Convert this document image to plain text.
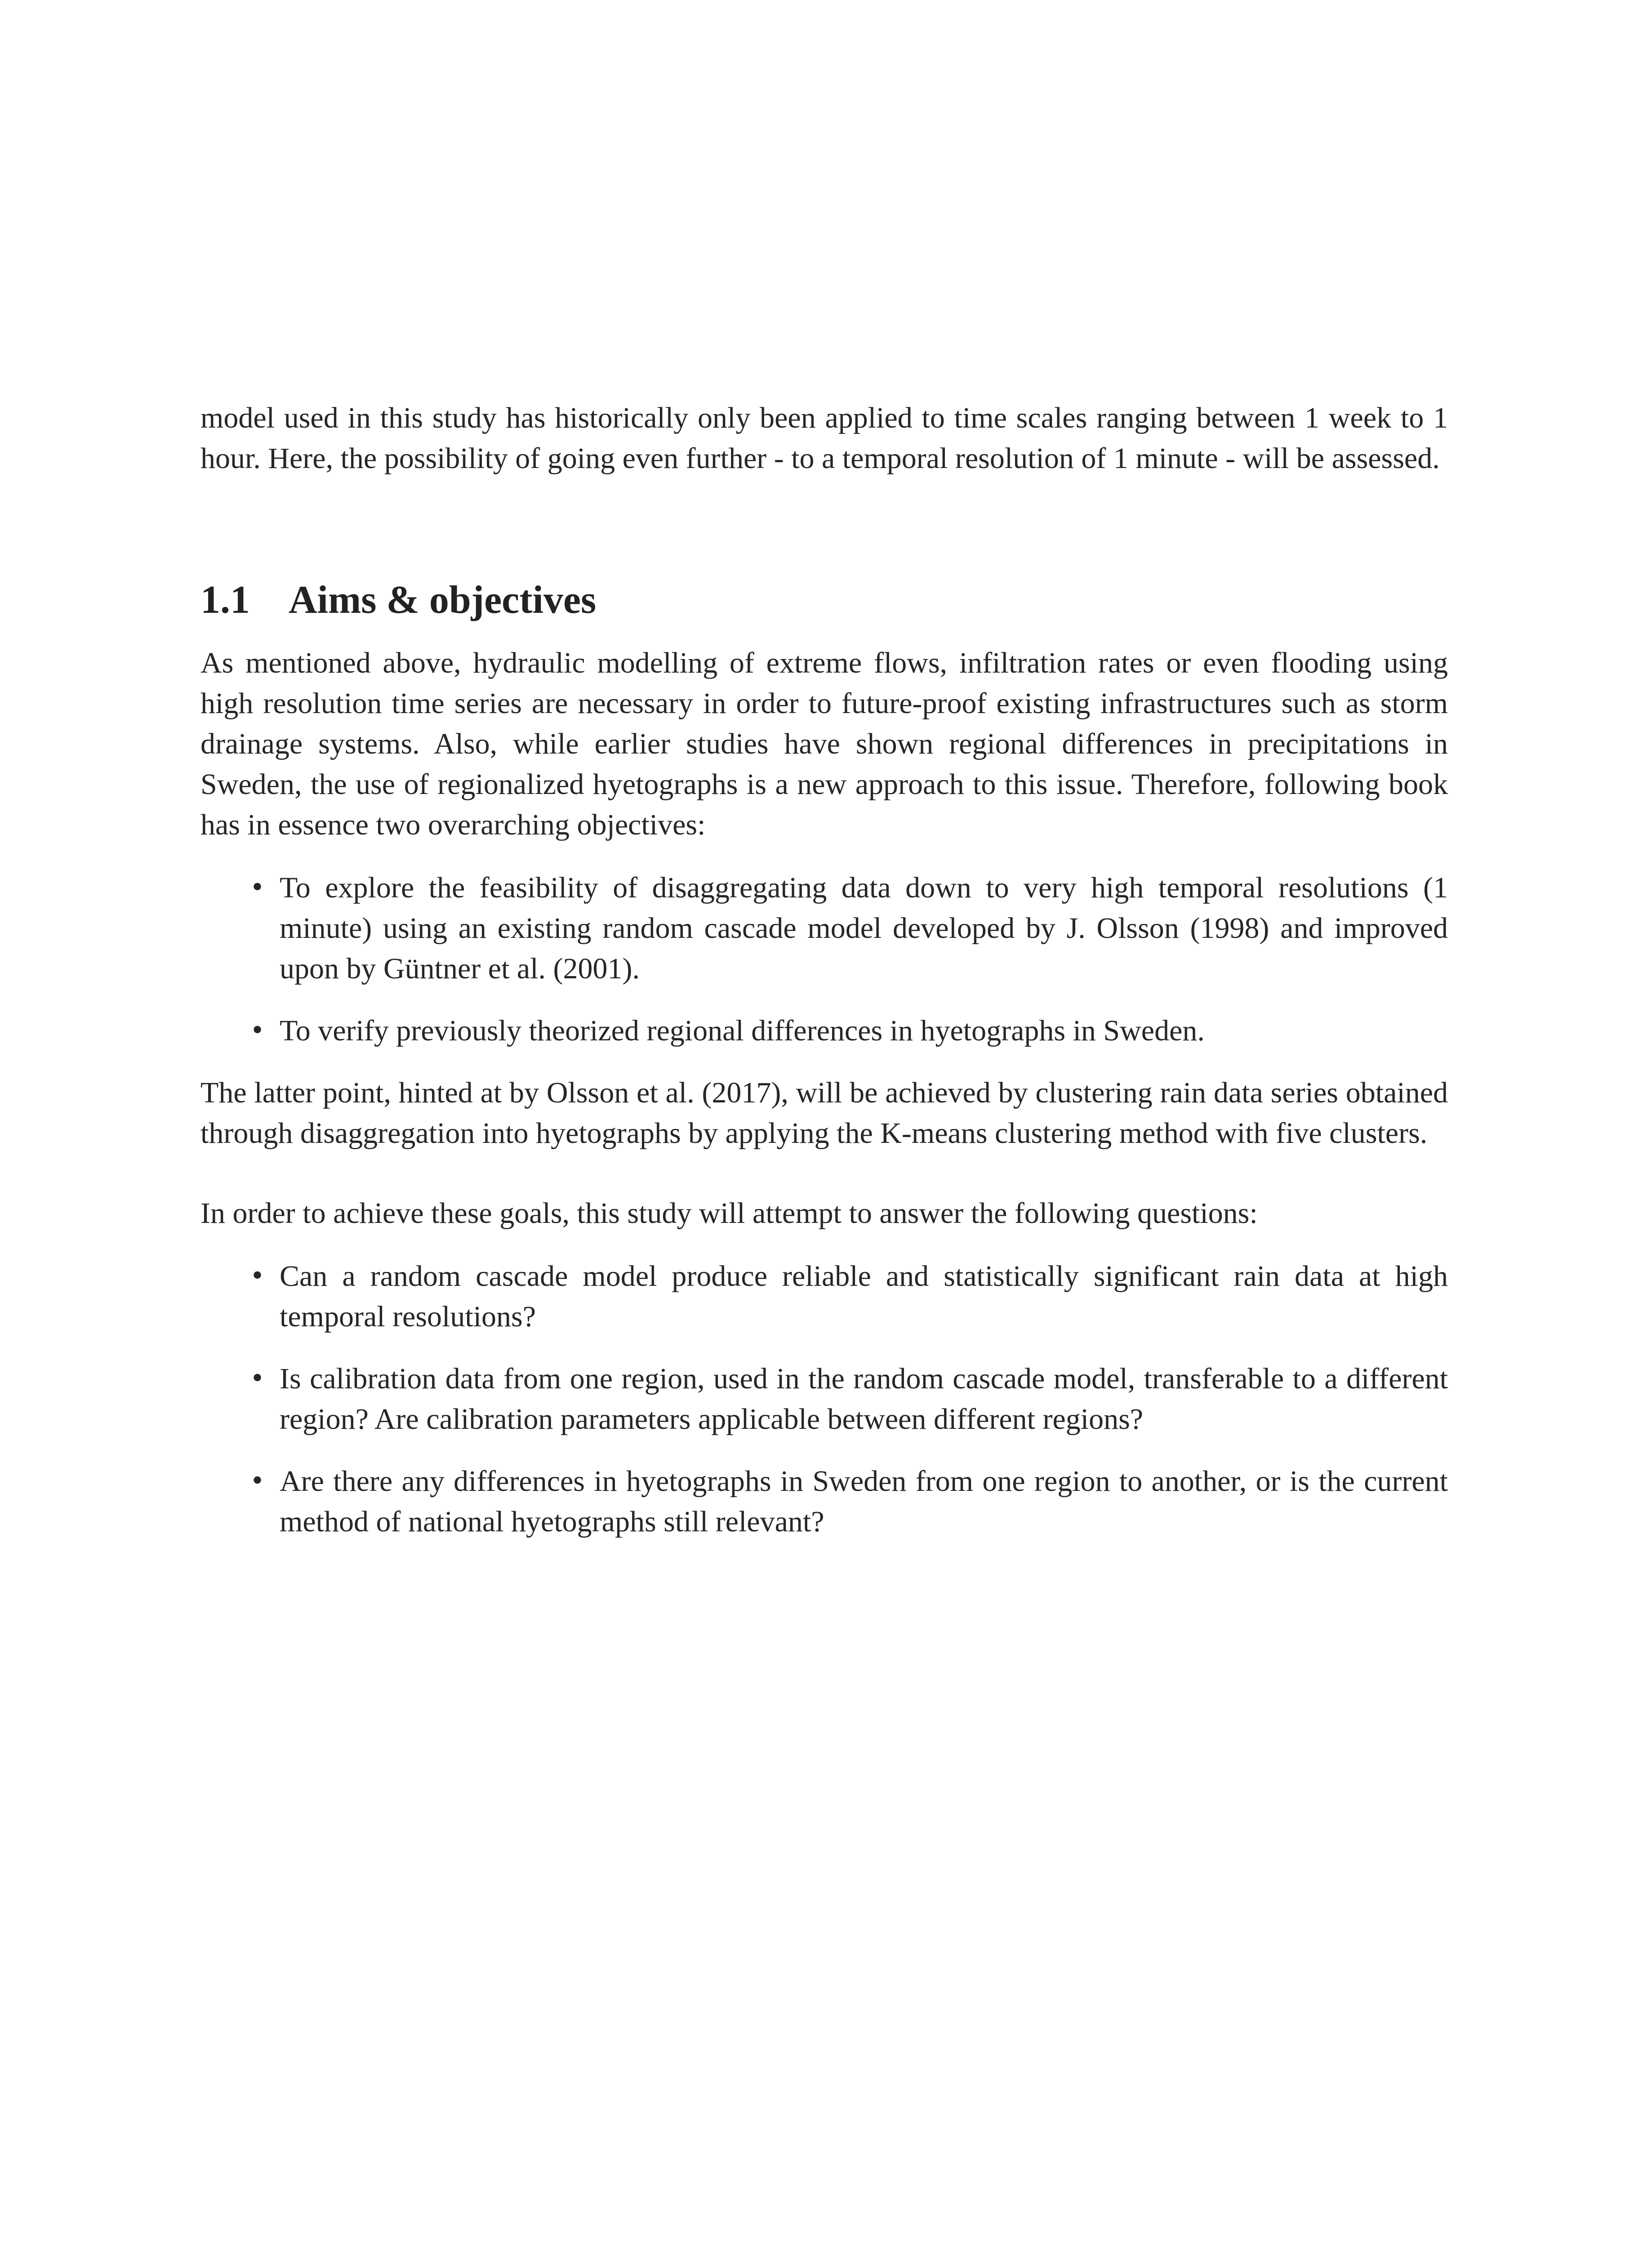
model used in this study has historically only been applied to time scales ranging between 1 week to 1 hour. Here, the possibility of going even further - to a temporal resolution of 1 minute - will be assessed.

1.1 Aims & objectives

As mentioned above, hydraulic modelling of extreme flows, infiltration rates or even flooding using high resolution time series are necessary in order to future-proof existing infrastructures such as storm drainage systems. Also, while earlier studies have shown regional differences in precipitations in Sweden, the use of regionalized hyetographs is a new approach to this issue. Therefore, following book has in essence two overarching objectives:

• To explore the feasibility of disaggregating data down to very high temporal resolutions (1 minute) using an existing random cascade model developed by J. Olsson (1998) and improved upon by Güntner et al. (2001).
• To verify previously theorized regional differences in hyetographs in Sweden.

The latter point, hinted at by Olsson et al. (2017), will be achieved by clustering rain data series obtained through disaggregation into hyetographs by applying the K-means clustering method with five clusters.

In order to achieve these goals, this study will attempt to answer the following questions:

• Can a random cascade model produce reliable and statistically significant rain data at high temporal resolutions?
• Is calibration data from one region, used in the random cascade model, transferable to a different region? Are calibration parameters applicable between different regions?
• Are there any differences in hyetographs in Sweden from one region to another, or is the current method of national hyetographs still relevant?
